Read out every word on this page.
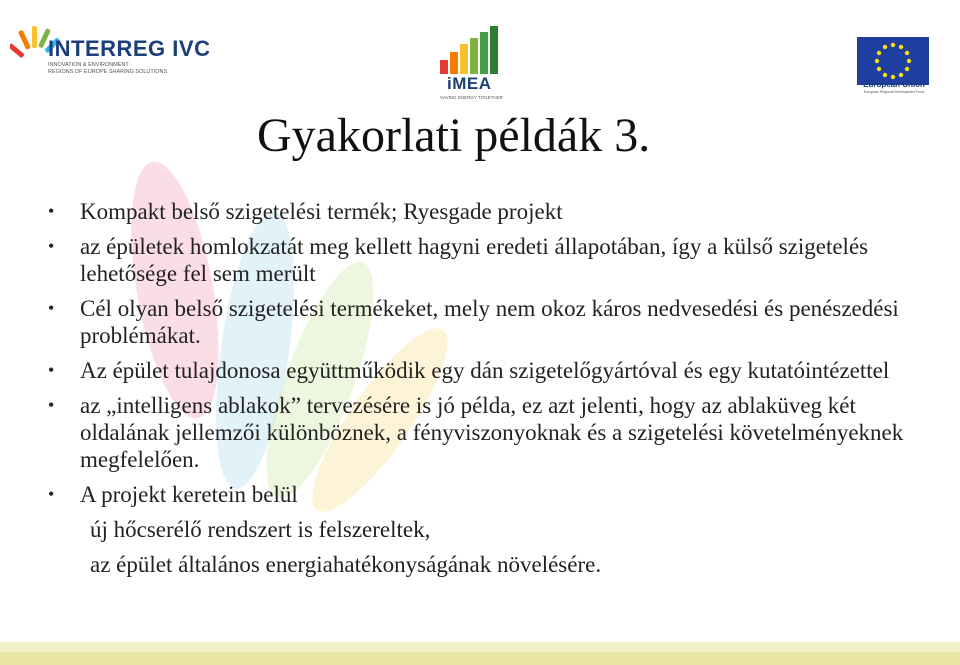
INTERREG IVC
INNOVATION & ENVIRONMENT
REGIONS OF EUROPE SHARING SOLUTIONS
iMEA
SAVING ENERGY TOGETHER
European Union
European Regional Development Fund
Gyakorlati példák 3.
• Kompakt belső szigetelési termék; Ryesgade projekt
• az épületek homlokzatát meg kellett hagyni eredeti állapotában, így a külső szigetelés lehetősége fel sem merült
• Cél olyan belső szigetelési termékeket, mely nem okoz káros nedvesedési és penészedési problémákat.
• Az épület tulajdonosa együttműködik egy dán szigetelőgyártóval és egy kutatóintézettel
• az „intelligens ablakok” tervezésére is jó példa, ez azt jelenti, hogy az ablaküveg két oldalának jellemzői különböznek, a fényviszonyoknak és a szigetelési követelményeknek megfelelően.
• A projekt keretein belül
új hőcserélő rendszert is felszereltek,
az épület általános energiahatékonyságának növelésére.
